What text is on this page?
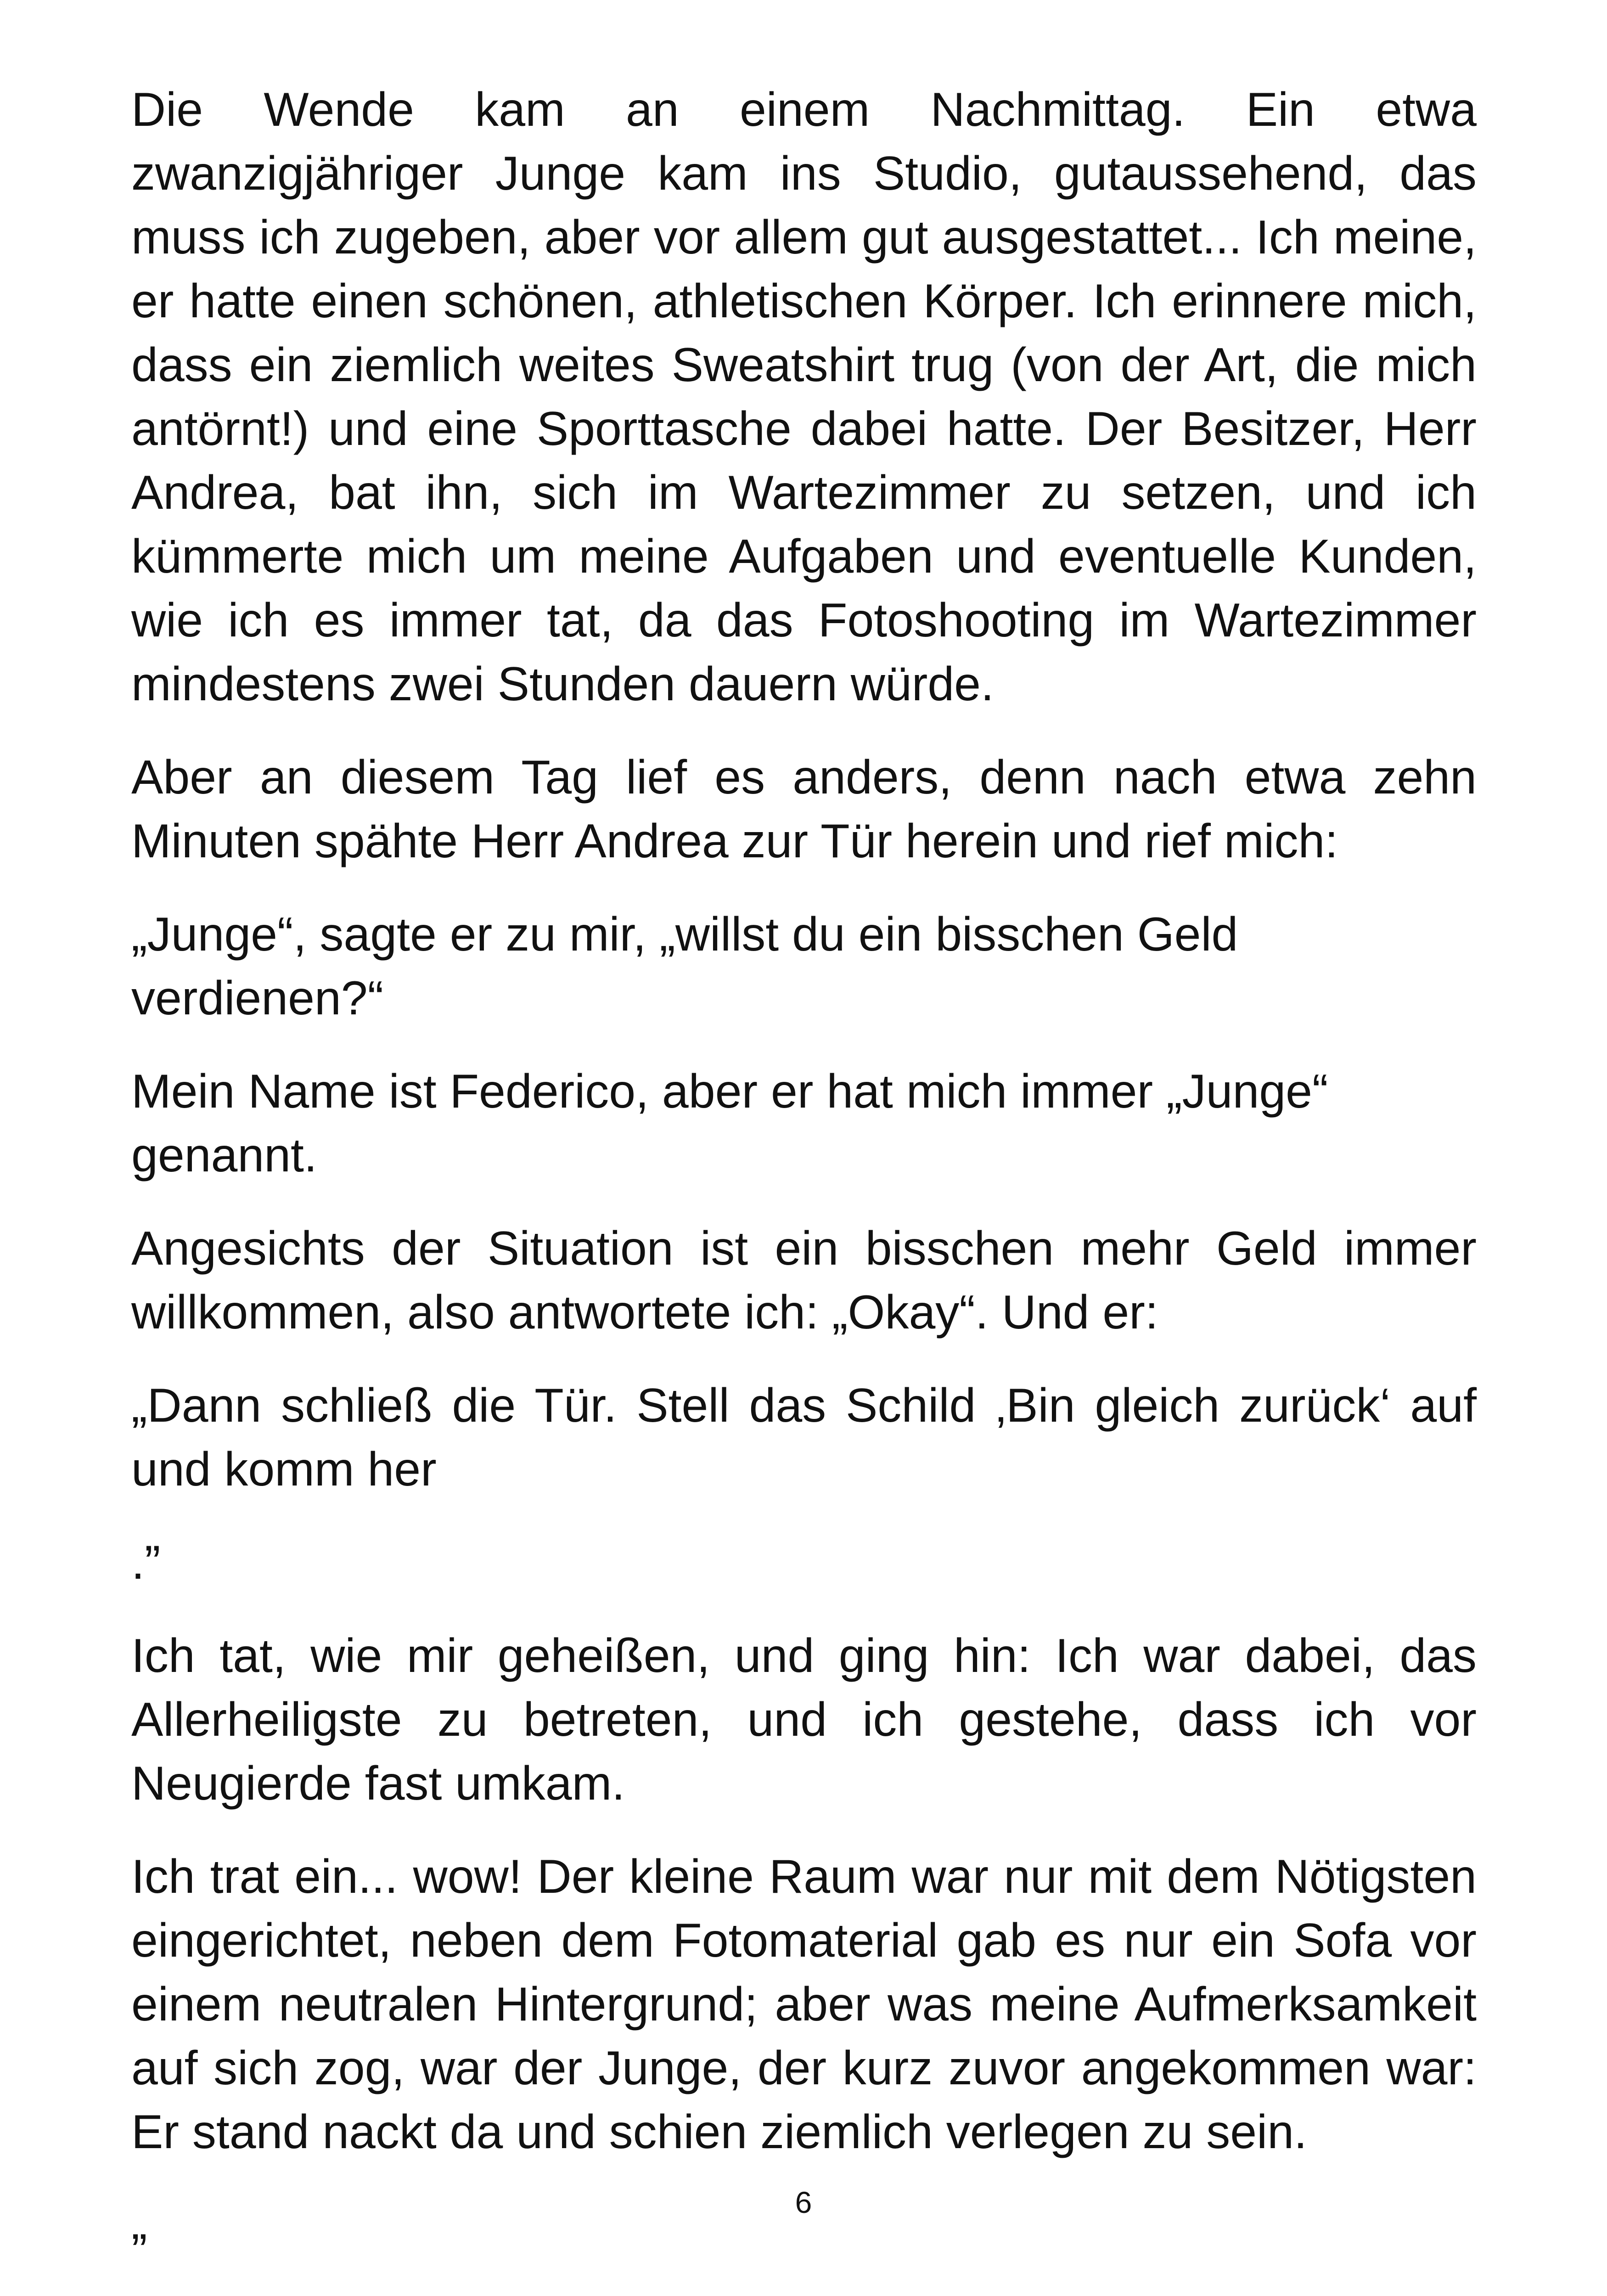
Die Wende kam an einem Nachmittag. Ein etwa zwanzigjähriger Junge kam ins Studio, gutaussehend, das muss ich zugeben, aber vor allem gut ausgestattet... Ich meine, er hatte einen schönen, athletischen Körper. Ich erinnere mich, dass ein ziemlich weites Sweatshirt trug (von der Art, die mich antörnt!) und eine Sporttasche dabei hatte. Der Besitzer, Herr Andrea, bat ihn, sich im Wartezimmer zu setzen, und ich kümmerte mich um meine Aufgaben und eventuelle Kunden, wie ich es immer tat, da das Fotoshooting im Wartezimmer mindestens zwei Stunden dauern würde.

Aber an diesem Tag lief es anders, denn nach etwa zehn Minuten spähte Herr Andrea zur Tür herein und rief mich:

„Junge“, sagte er zu mir, „willst du ein bisschen Geld verdienen?“

Mein Name ist Federico, aber er hat mich immer „Junge“ genannt.

Angesichts der Situation ist ein bisschen mehr Geld immer willkommen, also antwortete ich: „Okay“. Und er:

„Dann schließ die Tür. Stell das Schild ‚Bin gleich zurück‘ auf und komm her

.”

Ich tat, wie mir geheißen, und ging hin: Ich war dabei, das Allerheiligste zu betreten, und ich gestehe, dass ich vor Neugierde fast umkam.

Ich trat ein... wow! Der kleine Raum war nur mit dem Nötigsten eingerichtet, neben dem Fotomaterial gab es nur ein Sofa vor einem neutralen Hintergrund; aber was meine Aufmerksamkeit auf sich zog, war der Junge, der kurz zuvor angekommen war: Er stand nackt da und schien ziemlich verlegen zu sein.

”

6
